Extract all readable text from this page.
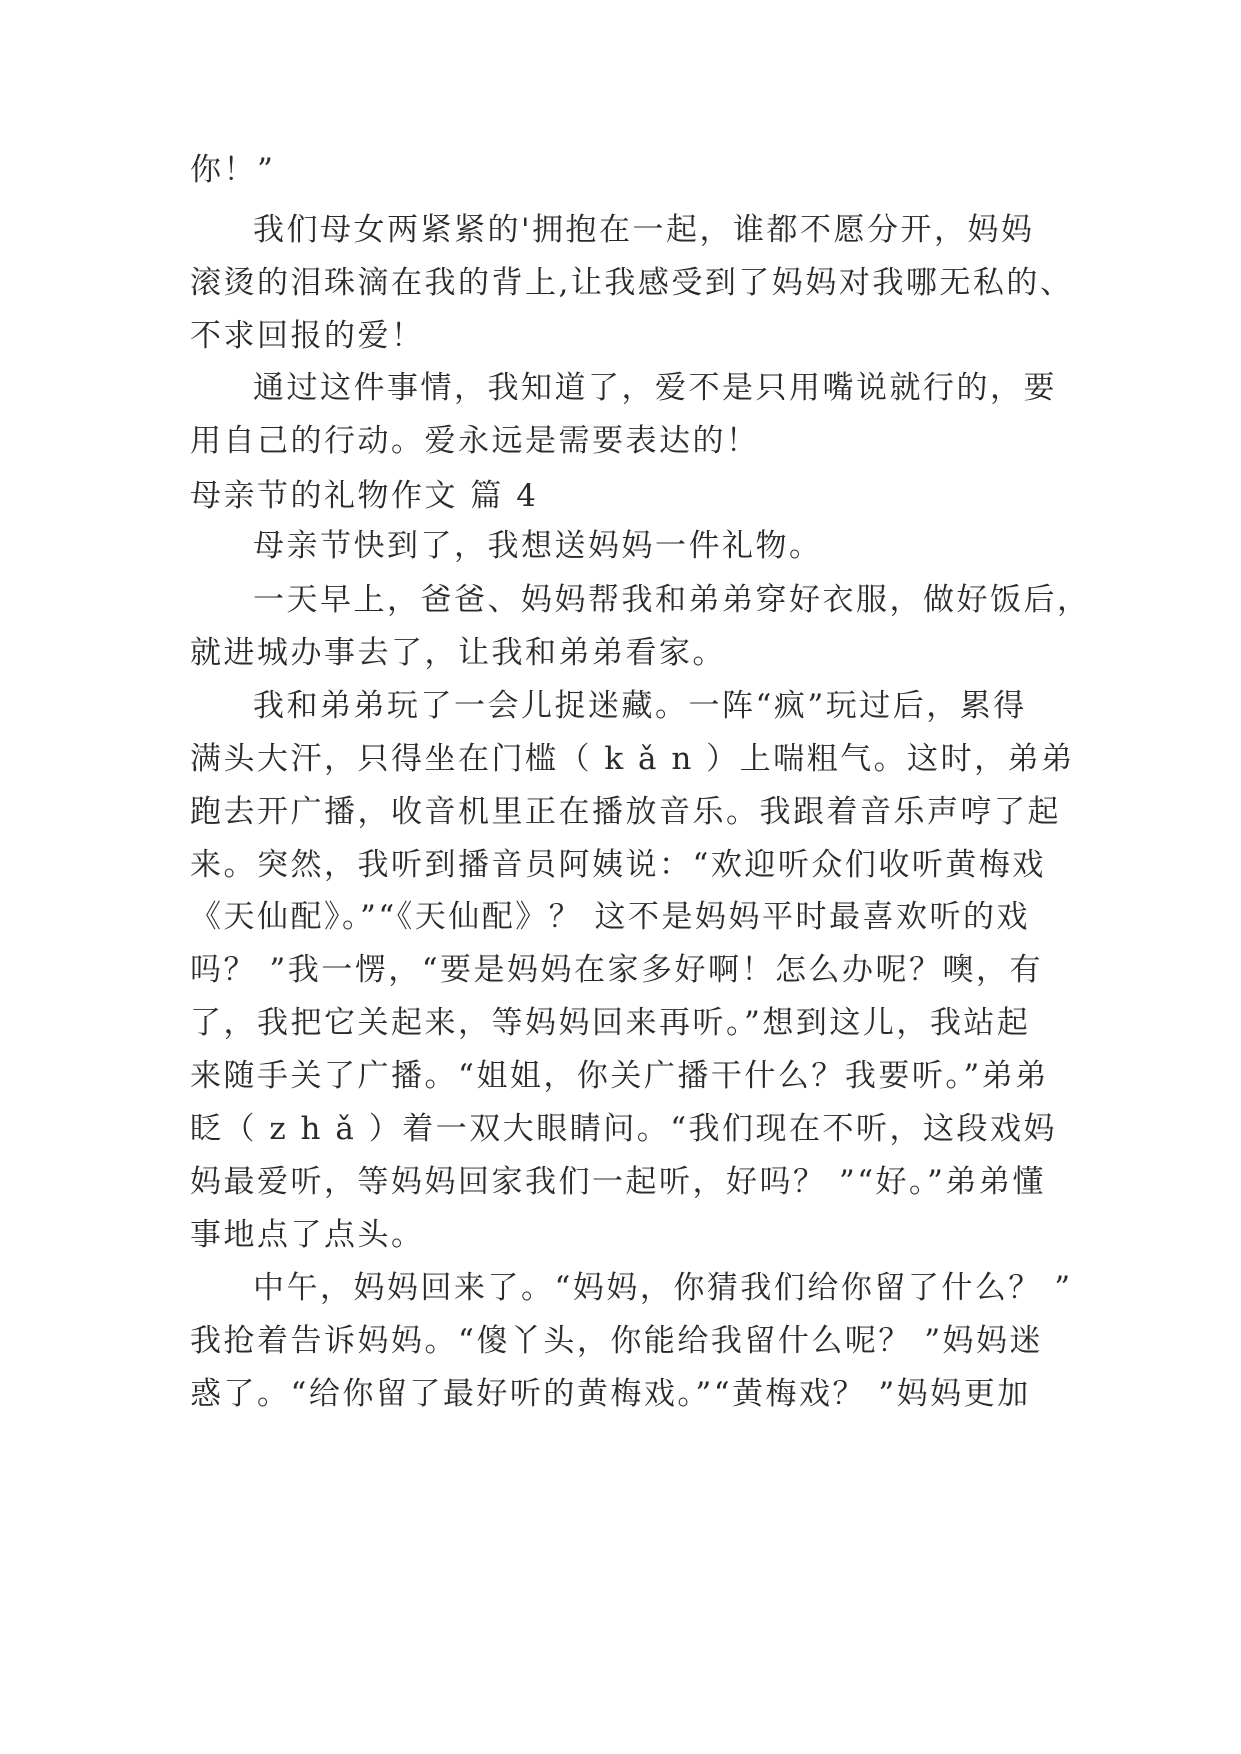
你！”
我们母女两紧紧的'拥抱在一起，谁都不愿分开，妈妈
滚烫的泪珠滴在我的背上,让我感受到了妈妈对我哪无私的、
不求回报的爱！
通过这件事情，我知道了，爱不是只用嘴说就行的，要
用自己的行动。爱永远是需要表达的！
母亲节的礼物作文 篇 4
母亲节快到了，我想送妈妈一件礼物。
一天早上，爸爸、妈妈帮我和弟弟穿好衣服，做好饭后，
就进城办事去了，让我和弟弟看家。
我和弟弟玩了一会儿捉迷藏。一阵“疯”玩过后，累得
满头大汗，只得坐在门槛（ k ǎ n ）上喘粗气。这时，弟弟
跑去开广播，收音机里正在播放音乐。我跟着音乐声哼了起
来。突然，我听到播音员阿姨说：“欢迎听众们收听黄梅戏
《天仙配》。”“《天仙配》？ 这不是妈妈平时最喜欢听的戏
吗？ ”我一愣，“要是妈妈在家多好啊！怎么办呢？噢，有
了，我把它关起来，等妈妈回来再听。”想到这儿，我站起
来随手关了广播。“姐姐，你关广播干什么？我要听。”弟弟
眨（ z h ǎ ）着一双大眼睛问。“我们现在不听，这段戏妈
妈最爱听，等妈妈回家我们一起听，好吗？ ”“好。”弟弟懂
事地点了点头。
中午，妈妈回来了。“妈妈，你猜我们给你留了什么？ ”
我抢着告诉妈妈。“傻丫头，你能给我留什么呢？ ”妈妈迷
惑了。“给你留了最好听的黄梅戏。”“黄梅戏？ ”妈妈更加
